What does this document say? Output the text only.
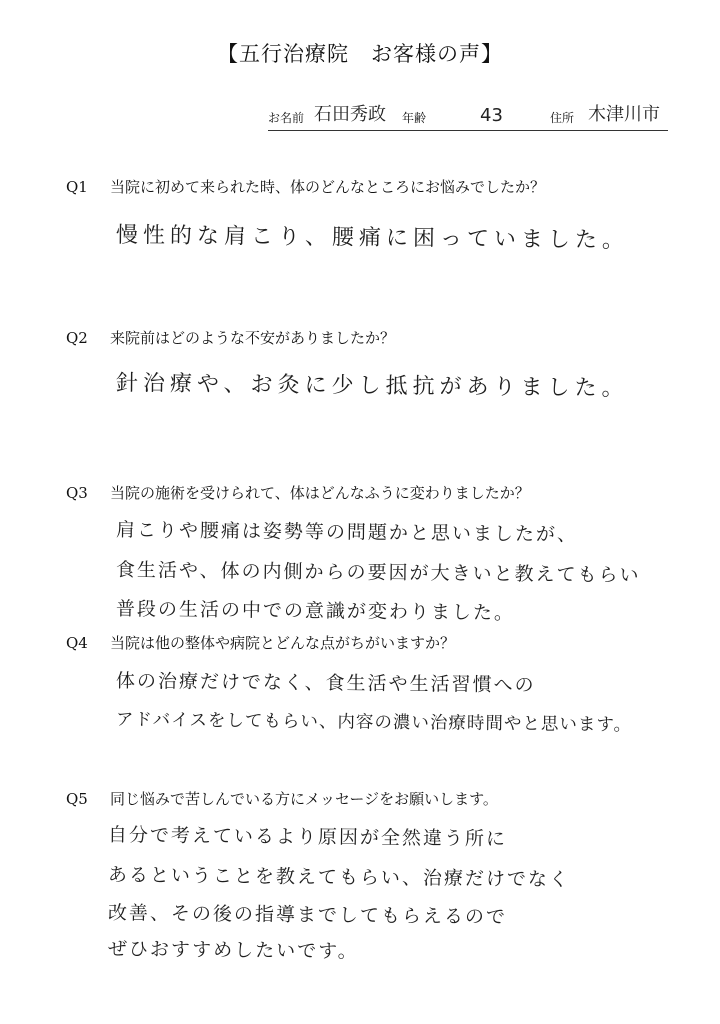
【五行治療院　お客様の声】
お名前 石田秀政 年齢	43	住所 木津川市
Q1 当院に初めて来られた時、体のどんなところにお悩みでしたか？
慢性的な肩こり、腰痛に困っていました。
Q2 来院前はどのような不安がありましたか？
針治療や、お灸に少し抵抗がありました。
Q3 当院の施術を受けられて、体はどんなふうに変わりましたか？
肩こりや腰痛は姿勢等の問題かと思いましたが、
食生活や、体の内側からの要因が大きいと教えてもらい
普段の生活の中での意識が変わりました。
Q4 当院は他の整体や病院とどんな点がちがいますか？
体の治療だけでなく、食生活や生活習慣への
アドバイスをしてもらい、内容の濃い治療時間やと思います。
Q5 同じ悩みで苦しんでいる方にメッセージをお願いします。
自分で考えているより原因が全然違う所に
あるということを教えてもらい、治療だけでなく
改善、その後の指導までしてもらえるので
ぜひおすすめしたいです。
